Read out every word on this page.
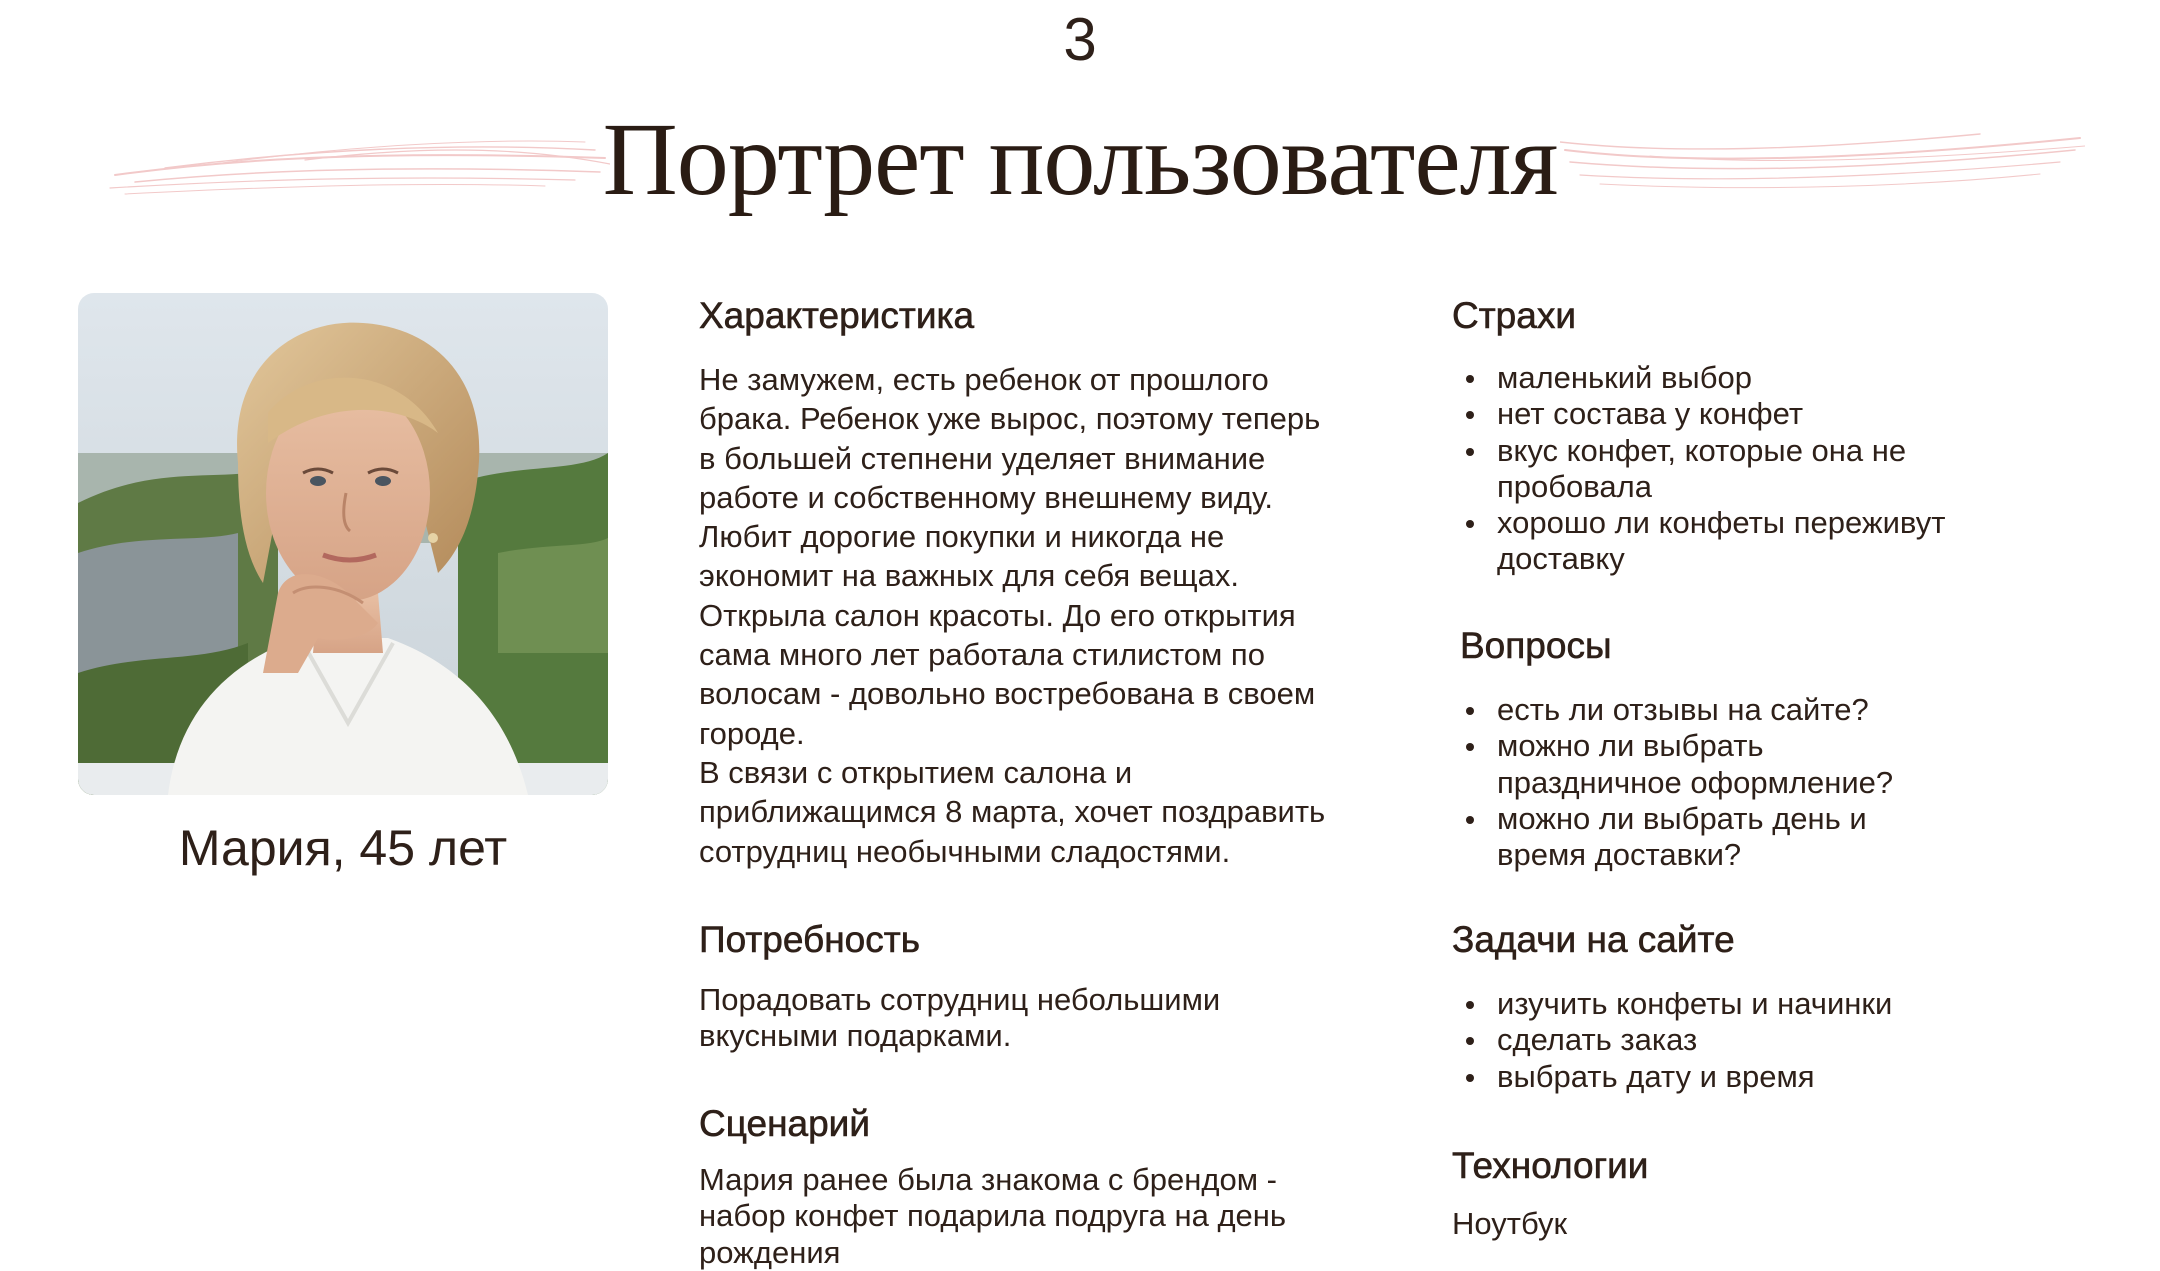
3
Портрет пользователя
Мария, 45 лет
Характеристика

Не замужем, есть ребенок от прошлого
брака. Ребенок уже вырос, поэтому теперь
в большей степнени уделяет внимание
работе и собственному внешнему виду.
Любит дорогие покупки и никогда не
экономит на важных для себя вещах.
Открыла салон красоты. До его открытия
сама много лет работала стилистом по
волосам - довольно востребована в своем
городе.
В связи с открытием салона и
приближащимся 8 марта, хочет поздравить
сотрудниц необычными сладостями.

Потребность

Порадовать сотрудниц небольшими
вкусными подарками.

Сценарий

Мария ранее была знакома с брендом -
набор конфет подарила подруга на день
рождения

Страхи
маленький выбор
нет состава у конфет
вкус конфет, которые она не
пробовала
хорошо ли конфеты переживут
доставку
Вопросы
есть ли отзывы на сайте?
можно ли выбрать
праздничное оформление?
можно ли выбрать день и
время доставки?
Задачи на сайте
изучить конфеты и начинки
сделать заказ
выбрать дату и время
Технологии

Ноутбук
